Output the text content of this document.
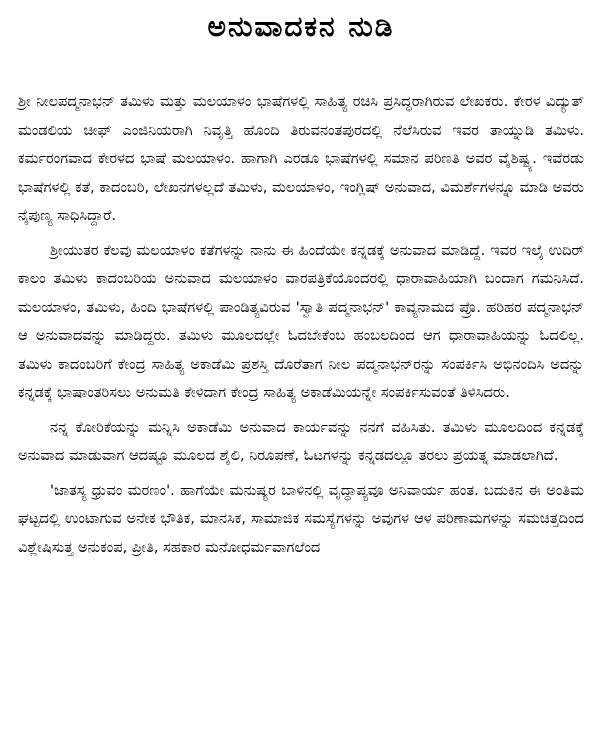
ಅನುವಾದಕನ ನುಡಿ

ಶ್ರೀ ನೀಲಪದ್ಮನಾಭನ್ ತಮಿಳು ಮತ್ತು ಮಲಯಾಳಂ ಭಾಷೆಗಳಲ್ಲಿ ಸಾಹಿತ್ಯ ರಚಿಸಿ ಪ್ರಸಿದ್ಧರಾಗಿರುವ ಲೇಖಕರು. ಕೇರಳ ವಿದ್ಯುತ್ ಮಂಡಲಿಯ ಚೀಫ್ ಎಂಜಿನಿಯರಾಗಿ ನಿವೃತ್ತಿ ಹೊಂದಿ ತಿರುವನಂತಪುರದಲ್ಲಿ ನೆಲೆಸಿರುವ ಇವರ ತಾಯ್ನುಡಿ ತಮಿಳು. ಕರ್ಮರಂಗವಾದ ಕೇರಳದ ಭಾಷೆ ಮಲಯಾಳಂ. ಹಾಗಾಗಿ ಎರಡೂ ಭಾಷೆಗಳಲ್ಲಿ ಸಮಾನ ಪರಿಣತಿ ಅವರ ವೈಶಿಷ್ಟ್ಯ. ಇವೆರಡು ಭಾಷೆಗಳಲ್ಲಿ ಕತೆ, ಕಾದಂಬರಿ, ಲೇಖನಗಳಲ್ಲದೆ ತಮಿಳು, ಮಲಯಾಳಂ, ಇಂಗ್ಲಿಷ್ ಅನುವಾದ, ವಿಮರ್ಶೆಗಳನ್ನೂ ಮಾಡಿ ಅವರು ನೈಪುಣ್ಯ ಸಾಧಿಸಿದ್ದಾರೆ.

ಶ್ರೀಯುತರ ಕೆಲವು ಮಲಯಾಳಂ ಕತೆಗಳನ್ನು ನಾನು ಈ ಹಿಂದೆಯೇ ಕನ್ನಡಕ್ಕೆ ಅನುವಾದ ಮಾಡಿದ್ದೆ. ಇವರ ಇಲೈ ಉದಿರ್ ಕಾಲಂ ತಮಿಳು ಕಾದಂಬರಿಯ ಅನುವಾದ ಮಲಯಾಳಂ ವಾರಪತ್ರಿಕೆಯೊಂದರಲ್ಲಿ ಧಾರಾವಾಹಿಯಾಗಿ ಬಂದಾಗ ಗಮನಿಸಿದೆ. ಮಲಯಾಳಂ, ತಮಿಳು, ಹಿಂದಿ ಭಾಷೆಗಳಲ್ಲಿ ಪಾಂಡಿತ್ಯವಿರುವ 'ಸ್ವಾತಿ ಪದ್ಮನಾಭನ್' ಕಾವ್ಯನಾಮದ ಪ್ರೊ. ಹರಿಹರ ಪದ್ಮನಾಭನ್ ಆ ಅನುವಾದವನ್ನು ಮಾಡಿದ್ದರು. ತಮಿಳು ಮೂಲದಲ್ಲೇ ಓದಬೇಕೆಂಬ ಹಂಬಲದಿಂದ ಆಗ ಧಾರಾವಾಹಿಯನ್ನು ಓದಲಿಲ್ಲ. ತಮಿಳು ಕಾದಂಬರಿಗೆ ಕೇಂದ್ರ ಸಾಹಿತ್ಯ ಅಕಾಡೆಮಿ ಪ್ರಶಸ್ತಿ ದೊರೆತಾಗ ನೀಲ ಪದ್ಮನಾಭನ್‌ರನ್ನು ಸಂಪರ್ಕಿಸಿ ಅಭಿನಂದಿಸಿ ಅದನ್ನು ಕನ್ನಡಕ್ಕೆ ಭಾಷಾಂತರಿಸಲು ಅನುಮತಿ ಕೇಳಿದಾಗ ಕೇಂದ್ರ ಸಾಹಿತ್ಯ ಅಕಾಡೆಮಿಯನ್ನೇ ಸಂಪರ್ಕಿಸುವಂತೆ ತಿಳಿಸಿದರು.

ನನ್ನ ಕೋರಿಕೆಯನ್ನು ಮನ್ನಿಸಿ ಅಕಾಡೆಮಿ ಅನುವಾದ ಕಾರ್ಯವನ್ನು ನನಗೆ ವಹಿಸಿತು. ತಮಿಳು ಮೂಲದಿಂದ ಕನ್ನಡಕ್ಕೆ ಅನುವಾದ ಮಾಡುವಾಗ ಆದಷ್ಟೂ ಮೂಲದ ಶೈಲಿ, ನಿರೂಪಣೆ, ಓಟಗಳನ್ನು ಕನ್ನಡದಲ್ಲೂ ತರಲು ಪ್ರಯತ್ನ ಮಾಡಲಾಗಿದೆ.

'ಜಾತಸ್ಯ ಧ್ರುವಂ ಮರಣಂ'. ಹಾಗೆಯೇ ಮನುಷ್ಯರ ಬಾಳಿನಲ್ಲಿ ವೃದ್ಧಾಪ್ಯವೂ ಅನಿವಾರ್ಯ ಹಂತ. ಬದುಕಿನ ಈ ಅಂತಿಮ ಘಟ್ಟದಲ್ಲಿ ಉಂಟಾಗುವ ಅನೇಕ ಭೌತಿಕ, ಮಾನಸಿಕ, ಸಾಮಾಜಿಕ ಸಮಸ್ಯೆಗಳನ್ನು ಅವುಗಳ ಆಳ ಪರಿಣಾಮಗಳನ್ನು ಸಮಚಿತ್ತದಿಂದ ವಿಶ್ಲೇಷಿಸುತ್ತ ಅನುಕಂಪ, ಪ್ರೀತಿ, ಸಹಕಾರ ಮನೋಧರ್ಮವಾಗಲೆಂದ
